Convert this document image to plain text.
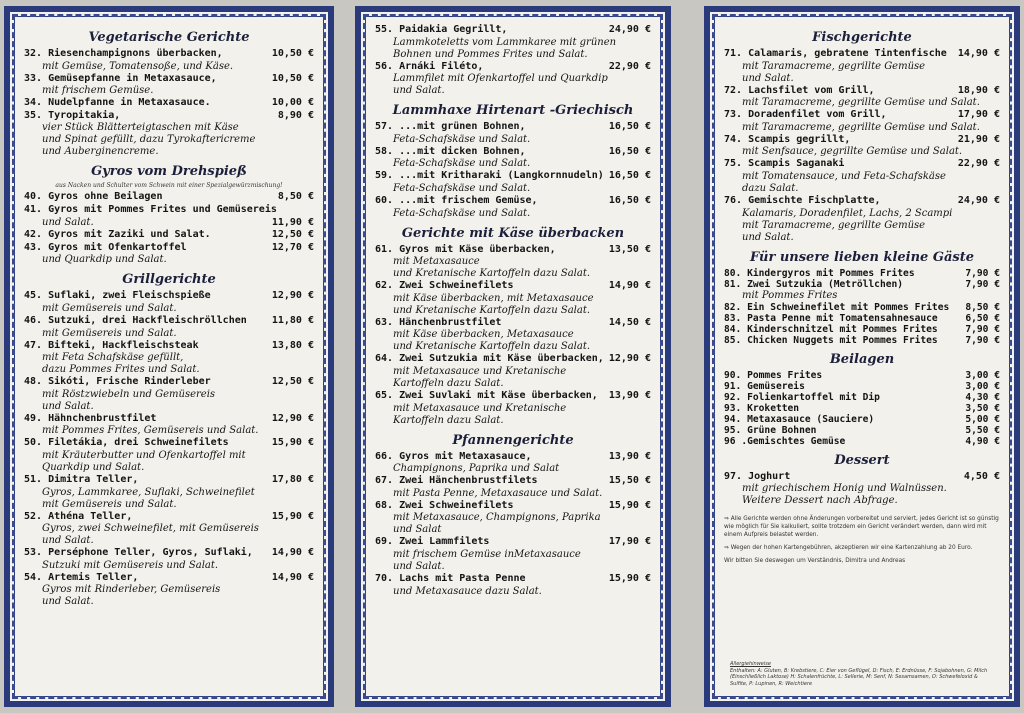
Vegetarische Gerichte
32. Riesenchampignons überbacken,	10,50 €
mit Gemüse, Tomatensoße, und Käse.
33. Gemüsepfanne in Metaxasauce,	10,50 €
mit frischem Gemüse.
34. Nudelpfanne in Metaxasauce.	10,00 €
35. Tyropitakia,	8,90 €
vier Stück Blätterteigtaschen mit Käse
und Spinat gefüllt, dazu Tyrokaftericreme
und Auberginencreme.
Gyros vom Drehspieß
aus Nacken und Schulter vom Schwein mit einer Spezialgewürzmischung!
40. Gyros ohne Beilagen	8,50 €
41. Gyros mit Pommes Frites und Gemüsereis
und Salat.	11,90 €
42. Gyros mit Zaziki und Salat.	12,50 €
43. Gyros mit Ofenkartoffel	12,70 €
und Quarkdip und Salat.
Grillgerichte
45. Suflaki, zwei Fleischspieße	12,90 €
mit Gemüsereis und Salat.
46. Sutzuki, drei Hackfleischröllchen	11,80 €
mit Gemüsereis und Salat.
47. Bifteki, Hackfleischsteak	13,80 €
mit Feta Schafskäse gefüllt,
dazu Pommes Frites und Salat.
48. Sikóti, Frische Rinderleber	12,50 €
mit Röstzwiebeln und Gemüsereis
und Salat.
49. Hähnchenbrustfilet	12,90 €
mit Pommes Frites, Gemüsereis und Salat.
50. Filetákia, drei Schweinefilets	15,90 €
mit Kräuterbutter und Ofenkartoffel mit
Quarkdip und Salat.
51. Dimitra Teller,	17,80 €
Gyros, Lammkaree, Suflaki, Schweinefilet
mit Gemüsereis und Salat.
52. Athéna Teller,	15,90 €
Gyros, zwei Schweinefilet, mit Gemüsereis
und Salat.
53. Perséphone Teller, Gyros, Suflaki, 14,90 €
Sutzuki mit Gemüsereis und Salat.
54. Artemis Teller,	14,90 €
Gyros mit Rinderleber, Gemüsereis
und Salat.
55. Paidakia Gegrillt,	24,90 €
Lammkoteletts vom Lammkaree mit grünen
Bohnen und Pommes Frites und Salat.
56. Arnáki Filéto,	22,90 €
Lammfilet mit Ofenkartoffel und Quarkdip
und Salat.
Lammhaxe Hirtenart -Griechisch
57. ...mit grünen Bohnen,	16,50 €
Feta-Schafskäse und Salat.
58. ...mit dicken Bohnen,	16,50 €
Feta-Schafskäse und Salat.
59. ...mit Kritharaki (Langkornnudeln) 16,50 €
Feta-Schafskäse und Salat.
60. ...mit frischem Gemüse,	16,50 €
Feta-Schafskäse und Salat.
Gerichte mit Käse überbacken
61. Gyros mit Käse überbacken,	13,50 €
mit Metaxasauce
und Kretanische Kartoffeln dazu Salat.
62. Zwei Schweinefilets	14,90 €
mit Käse überbacken, mit Metaxasauce
und Kretanische Kartoffeln dazu Salat.
63. Hänchenbrustfilet	14,50 €
mit Käse überbacken, Metaxasauce
und Kretanische Kartoffeln dazu Salat.
64. Zwei Sutzukia mit Käse überbacken, 12,90 €
mit Metaxasauce und Kretanische
Kartoffeln dazu Salat.
65. Zwei Suvlaki mit Käse überbacken, 13,90 €
mit Metaxasauce und Kretanische
Kartoffeln dazu Salat.
Pfannengerichte
66. Gyros mit Metaxasauce,	13,90 €
Champignons, Paprika und Salat
67. Zwei Hänchenbrustfilets	15,50 €
mit Pasta Penne, Metaxasauce und Salat.
68. Zwei Schweinefilets	15,90 €
mit Metaxasauce, Champignons, Paprika
und Salat
69. Zwei Lammfilets	17,90 €
mit frischem Gemüse inMetaxasauce
und Salat.
70. Lachs mit Pasta Penne	15,90 €
und Metaxasauce dazu Salat.
Fischgerichte
71. Calamaris, gebratene Tintenfische 14,90 €
mit Taramacreme, gegrillte Gemüse
und Salat.
72. Lachsfilet vom Grill,	18,90 €
mit Taramacreme, gegrillte Gemüse und Salat.
73. Doradenfilet vom Grill,	17,90 €
mit Taramacreme, gegrillte Gemüse und Salat.
74. Scampis gegrillt,	21,90 €
mit Senfsauce, gegrillte Gemüse und Salat.
75. Scampis Saganaki	22,90 €
mit Tomatensauce, und Feta-Schafskäse
dazu Salat.
76. Gemischte Fischplatte,	24,90 €
Kalamaris, Doradenfilet, Lachs, 2 Scampi
mit Taramacreme, gegrillte Gemüse
und Salat.
Für unsere lieben kleine Gäste
80. Kindergyros mit Pommes Frites	7,90 €
81. Zwei Sutzukia (Metröllchen)	7,90 €
mit Pommes Frites
82. Ein Schweinefilet mit Pommes Frites 8,50 €
83. Pasta Penne mit Tomatensahnesauce	6,50 €
84. Kinderschnitzel mit Pommes Frites	7,90 €
85. Chicken Nuggets mit Pommes Frites	7,90 €
Beilagen
90. Pommes Frites	3,00 €
91. Gemüsereis	3,00 €
92. Folienkartoffel mit Dip	4,30 €
93. Kroketten	3,50 €
94. Metaxasauce (Sauciere)	5,00 €
95. Grüne Bohnen	5,50 €
96 .Gemischtes Gemüse	4,90 €
Dessert
97. Joghurt	4,50 €
mit griechischem Honig und Walnüssen.
Weitere Dessert nach Abfrage.
⇒ Alle Gerichte werden ohne Änderungen vorbereitet und serviert, jedes Gericht ist so günstig wie möglich für Sie kalkuliert, sollte trotzdem ein Gericht verändert werden, dann wird mit einem Aufpreis belastet werden.
⇒ Wegen der hohen Kartengebühren, akzeptieren wir eine Kartenzahlung ab 20 Euro.
Wir bitten Sie deswegen um Verständnis, Dimitra und Andreas
Allergiehinweise
Enthalten: A: Gluten, B: Krebstiere, C: Eier von Geflügel, D: Fisch, E: Erdnüsse, F: Sojabohnen, G: Milch (Einschließlich Laktose) H: Schalenfrüchte, L: Sellerie, M: Senf, N: Sesamsamen, O: Schwefeloxid & Sulfite, P: Lupinen, R: Weichtiere
